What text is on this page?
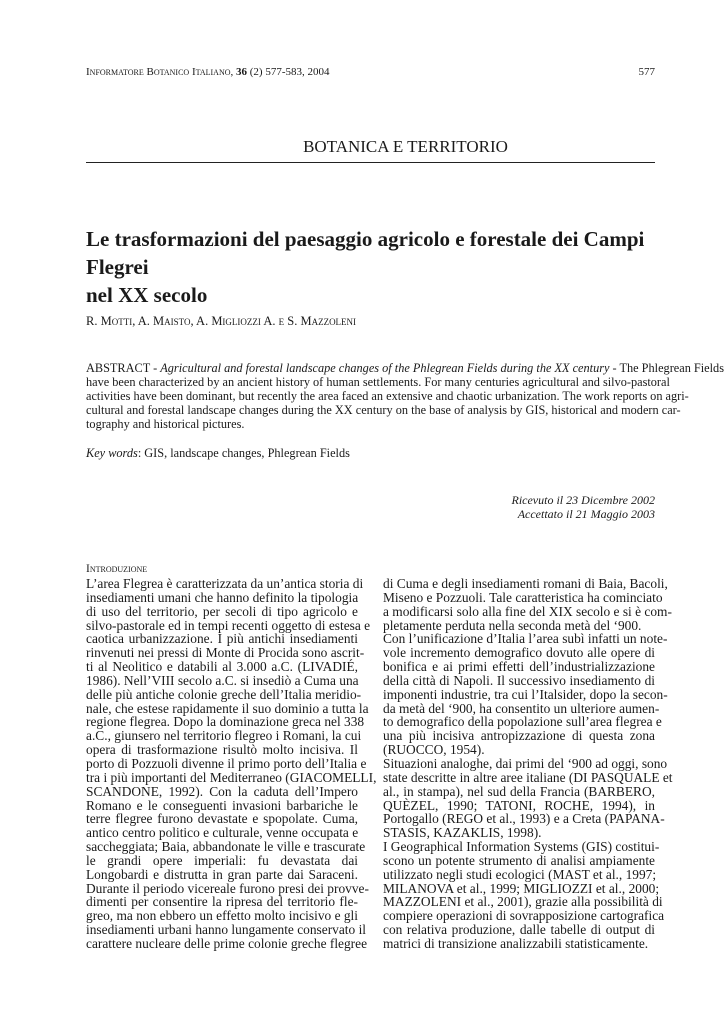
Informatore Botanico Italiano, 36 (2) 577-583, 2004	577
BOTANICA E TERRITORIO
Le trasformazioni del paesaggio agricolo e forestale dei Campi Flegrei
nel XX secolo
R. Motti, A. Maisto, A. Migliozzi A. e S. Mazzoleni
ABSTRACT - Agricultural and forestal landscape changes of the Phlegrean Fields during the XX century - The Phlegrean Fields
have been characterized by an ancient history of human settlements. For many centuries agricultural and silvo-pastoral
activities have been dominant, but recently the area faced an extensive and chaotic urbanization. The work reports on agri-
cultural and forestal landscape changes during the XX century on the base of analysis by GIS, historical and modern car-
tography and historical pictures.
Key words: GIS, landscape changes, Phlegrean Fields
Ricevuto il 23 Dicembre 2002
Accettato il 21 Maggio 2003
Introduzione
L’area Flegrea è caratterizzata da un’antica storia di
insediamenti umani che hanno definito la tipologia
di uso del territorio, per secoli di tipo agricolo e
silvo-pastorale ed in tempi recenti oggetto di estesa e
caotica urbanizzazione. I più antichi insediamenti
rinvenuti nei pressi di Monte di Procida sono ascrit-
ti al Neolitico e databili al 3.000 a.C. (LIVADIÉ,
1986). Nell’VIII secolo a.C. si insediò a Cuma una
delle più antiche colonie greche dell’Italia meridio-
nale, che estese rapidamente il suo dominio a tutta la
regione flegrea. Dopo la dominazione greca nel 338
a.C., giunsero nel territorio flegreo i Romani, la cui
opera di trasformazione risultò molto incisiva. Il
porto di Pozzuoli divenne il primo porto dell’Italia e
tra i più importanti del Mediterraneo (GIACOMELLI,
SCANDONE, 1992). Con la caduta dell’Impero
Romano e le conseguenti invasioni barbariche le
terre flegree furono devastate e spopolate. Cuma,
antico centro politico e culturale, venne occupata e
saccheggiata; Baia, abbandonate le ville e trascurate
le grandi opere imperiali: fu devastata dai
Longobardi e distrutta in gran parte dai Saraceni.
Durante il periodo vicereale furono presi dei provve-
dimenti per consentire la ripresa del territorio fle-
greo, ma non ebbero un effetto molto incisivo e gli
insediamenti urbani hanno lungamente conservato il
carattere nucleare delle prime colonie greche flegree
di Cuma e degli insediamenti romani di Baia, Bacoli,
Miseno e Pozzuoli. Tale caratteristica ha cominciato
a modificarsi solo alla fine del XIX secolo e si è com-
pletamente perduta nella seconda metà del ‘900.
Con l’unificazione d’Italia l’area subì infatti un note-
vole incremento demografico dovuto alle opere di
bonifica e ai primi effetti dell’industrializzazione
della città di Napoli. Il successivo insediamento di
imponenti industrie, tra cui l’Italsider, dopo la secon-
da metà del ‘900, ha consentito un ulteriore aumen-
to demografico della popolazione sull’area flegrea e
una più incisiva antropizzazione di questa zona
(RUOCCO, 1954).
Situazioni analoghe, dai primi del ‘900 ad oggi, sono
state descritte in altre aree italiane (DI PASQUALE et
al., in stampa), nel sud della Francia (BARBERO,
QUÈZEL, 1990; TATONI, ROCHE, 1994), in
Portogallo (REGO et al., 1993) e a Creta (PAPANA-
STASIS, KAZAKLIS, 1998).
I Geographical Information Systems (GIS) costitui-
scono un potente strumento di analisi ampiamente
utilizzato negli studi ecologici (MAST et al., 1997;
MILANOVA et al., 1999; MIGLIOZZI et al., 2000;
MAZZOLENI et al., 2001), grazie alla possibilità di
compiere operazioni di sovrapposizione cartografica
con relativa produzione, dalle tabelle di output di
matrici di transizione analizzabili statisticamente.
